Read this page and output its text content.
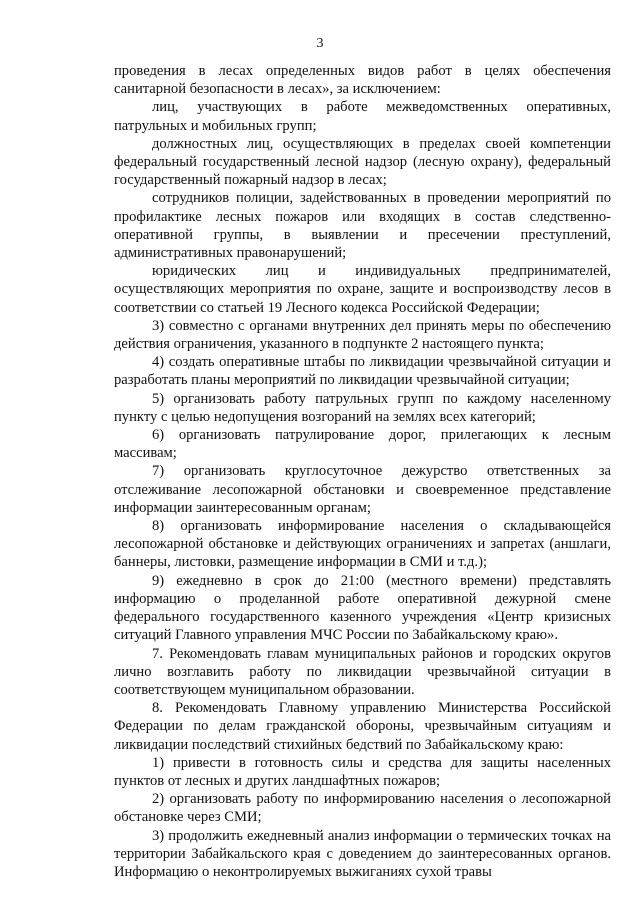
3

проведения в лесах определенных видов работ в целях обеспечения санитарной безопасности в лесах», за исключением:

лиц, участвующих в работе межведомственных оперативных, патрульных и мобильных групп;

должностных лиц, осуществляющих в пределах своей компетенции федеральный государственный лесной надзор (лесную охрану), федеральный государственный пожарный надзор в лесах;

сотрудников полиции, задействованных в проведении мероприятий по профилактике лесных пожаров или входящих в состав следственно-оперативной группы, в выявлении и пресечении преступлений, административных правонарушений;

юридических лиц и индивидуальных предпринимателей, осуществляющих мероприятия по охране, защите и воспроизводству лесов в соответствии со статьей 19 Лесного кодекса Российской Федерации;

3) совместно с органами внутренних дел принять меры по обеспечению действия ограничения, указанного в подпункте 2 настоящего пункта;

4) создать оперативные штабы по ликвидации чрезвычайной ситуации и разработать планы мероприятий по ликвидации чрезвычайной ситуации;

5) организовать работу патрульных групп по каждому населенному пункту с целью недопущения возгораний на землях всех категорий;

6) организовать патрулирование дорог, прилегающих к лесным массивам;

7) организовать круглосуточное дежурство ответственных за отслеживание лесопожарной обстановки и своевременное представление информации заинтересованным органам;

8) организовать информирование населения о складывающейся лесопожарной обстановке и действующих ограничениях и запретах (аншлаги, баннеры, листовки, размещение информации в СМИ и т.д.);

9) ежедневно в срок до 21:00 (местного времени) представлять информацию о проделанной работе оперативной дежурной смене федерального государственного казенного учреждения «Центр кризисных ситуаций Главного управления МЧС России по Забайкальскому краю».

7. Рекомендовать главам муниципальных районов и городских округов лично возглавить работу по ликвидации чрезвычайной ситуации в соответствующем муниципальном образовании.

8. Рекомендовать Главному управлению Министерства Российской Федерации по делам гражданской обороны, чрезвычайным ситуациям и ликвидации последствий стихийных бедствий по Забайкальскому краю:

1) привести в готовность силы и средства для защиты населенных пунктов от лесных и других ландшафтных пожаров;

2) организовать работу по информированию населения о лесопожарной обстановке через СМИ;

3) продолжить ежедневный анализ информации о термических точках на территории Забайкальского края с доведением до заинтересованных органов. Информацию о неконтролируемых выжиганиях сухой травы
